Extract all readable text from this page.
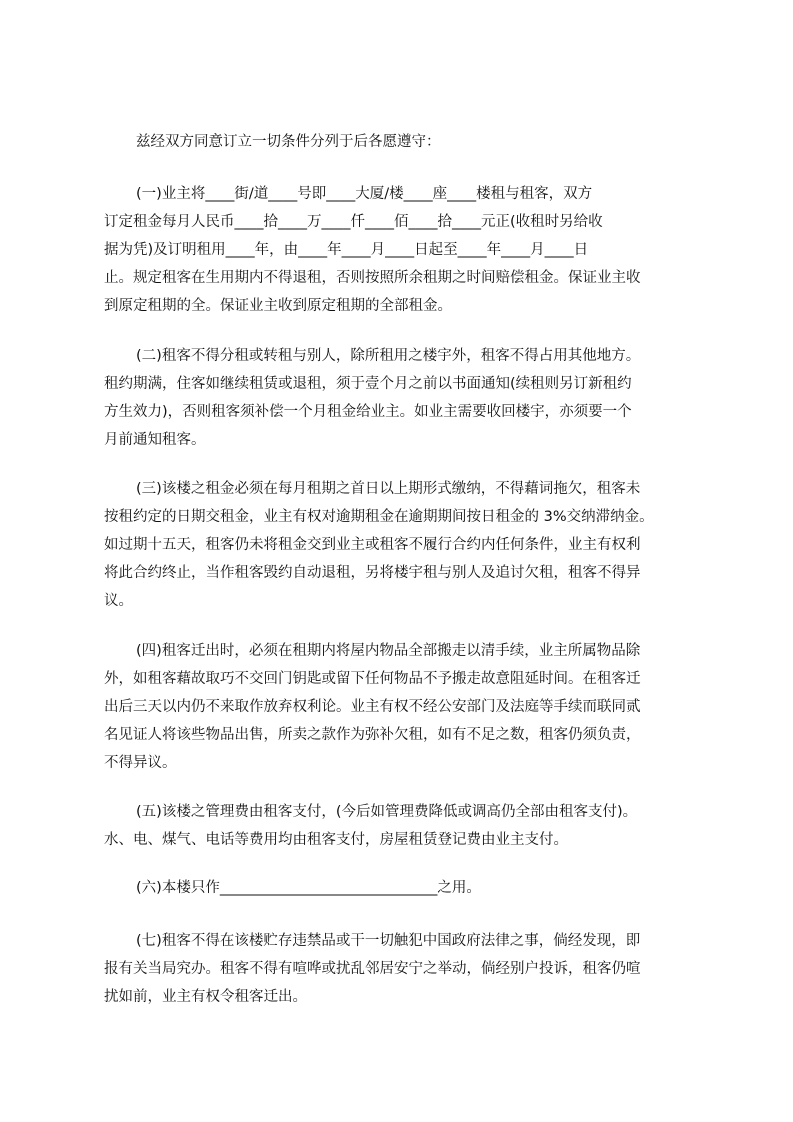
兹经双方同意订立一切条件分列于后各愿遵守：
(一)业主将____街/道____号即____大厦/楼____座____楼租与租客，双方
订定租金每月人民币____拾____万____仟____佰____拾____元正(收租时另给收
据为凭)及订明租用____年，由____年____月____日起至____年____月____日
止。规定租客在生用期内不得退租，否则按照所余租期之时间赔偿租金。保证业主收
到原定租期的全。保证业主收到原定租期的全部租金。
(二)租客不得分租或转租与别人，除所租用之楼宇外，租客不得占用其他地方。
租约期满，住客如继续租赁或退租，须于壹个月之前以书面通知(续租则另订新租约
方生效力)，否则租客须补偿一个月租金给业主。如业主需要收回楼宇，亦须要一个
月前通知租客。
(三)该楼之租金必须在每月租期之首日以上期形式缴纳，不得藉词拖欠，租客未
按租约定的日期交租金，业主有权对逾期租金在逾期期间按日租金的 3%交纳滞纳金。
如过期十五天，租客仍未将租金交到业主或租客不履行合约内任何条件，业主有权利
将此合约终止，当作租客毁约自动退租，另将楼宇租与别人及追讨欠租，租客不得异
议。
(四)租客迁出时，必须在租期内将屋内物品全部搬走以清手续，业主所属物品除
外，如租客藉故取巧不交回门钥匙或留下任何物品不予搬走故意阻延时间。在租客迁
出后三天以内仍不来取作放弃权利论。业主有权不经公安部门及法庭等手续而联同贰
名见证人将该些物品出售，所卖之款作为弥补欠租，如有不足之数，租客仍须负责，
不得异议。
(五)该楼之管理费由租客支付，(今后如管理费降低或调高仍全部由租客支付)。
水、电、煤气、电话等费用均由租客支付，房屋租赁登记费由业主支付。
(六)本楼只作______________________________之用。
(七)租客不得在该楼贮存违禁品或干一切触犯中国政府法律之事，倘经发现，即
报有关当局究办。租客不得有喧哗或扰乱邻居安宁之举动，倘经别户投诉，租客仍喧
扰如前，业主有权令租客迁出。
